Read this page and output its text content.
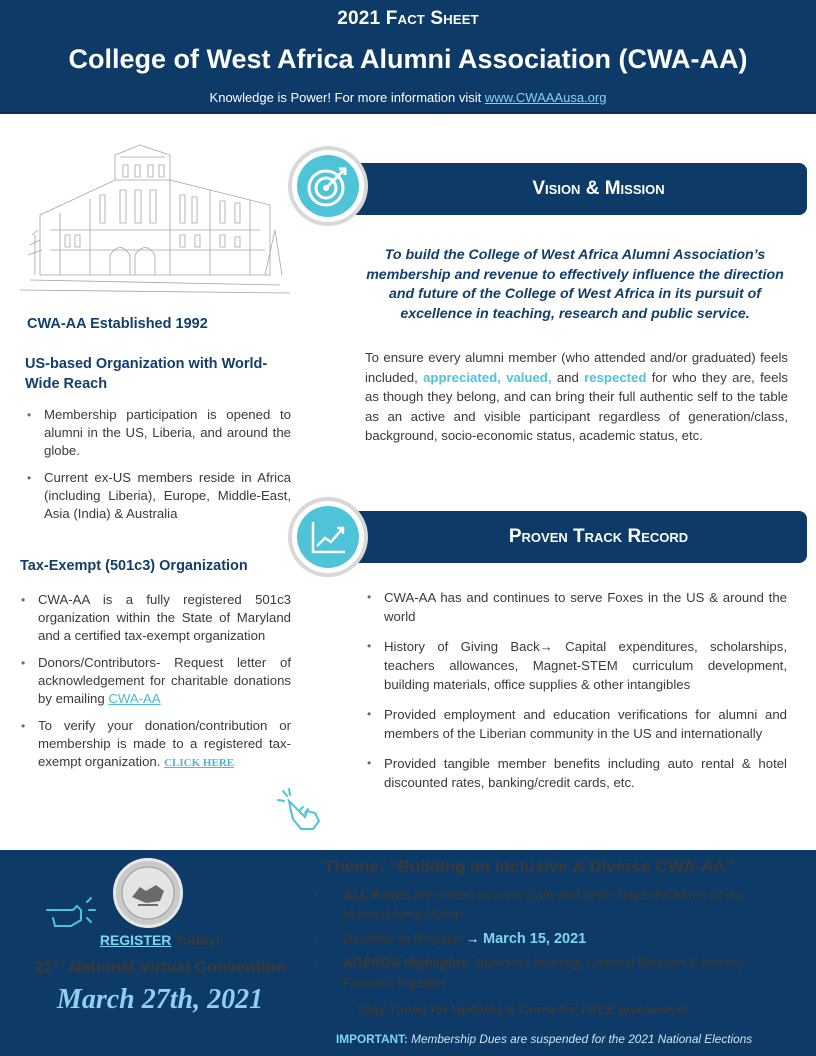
2021 Fact Sheet
College of West Africa Alumni Association (CWA-AA)
Knowledge is Power! For more information visit www.CWAAAusa.org
CWA-AA Established 1992
US-based Organization with World-Wide Reach
• Membership participation is opened to alumni in the US, Liberia, and around the globe.
• Current ex-US members reside in Africa (including Liberia), Europe, Middle-East, Asia (India) & Australia
Tax-Exempt (501c3) Organization
• CWA-AA is a fully registered 501c3 organization within the State of Maryland and a certified tax-exempt organization
• Donors/Contributors- Request letter of acknowledgement for charitable donations by emailing CWA-AA
• To verify your donation/contribution or membership is made to a registered tax-exempt organization. CLICK HERE
Vision & Mission
To build the College of West Africa Alumni Association’s membership and revenue to effectively influence the direction and future of the College of West Africa in its pursuit of excellence in teaching, research and public service.
To ensure every alumni member (who attended and/or graduated) feels included, appreciated, valued, and respected for who they are, feels as though they belong, and can bring their full authentic self to the table as an active and visible participant regardless of generation/class, background, socio-economic status, academic status, etc.
Proven Track Record
• CWA-AA has and continues to serve Foxes in the US & around the world
• History of Giving Back→ Capital expenditures, scholarships, teachers allowances, Magnet-STEM curriculum development, building materials, office supplies & other intangibles
• Provided employment and education verifications for alumni and members of the Liberian community in the US and internationally
• Provided tangible member benefits including auto rental & hotel discounted rates, banking/credit cards, etc.
REGISTER Today!
22nd National Virtual Convention
March 27th, 2021
Theme: “Building an Inclusive & Diverse CWA-AA”
• ALL Foxes are invited to participate and help shape the future of our beloved Alma Mater!
• Deadline to Register → March 15, 2021
• AGENDA Highlights: Business Meeting, General Election & Moving Forward Together
Stay Tuned for Updates & Come for FREE giveaways!
IMPORTANT: Membership Dues are suspended for the 2021 National Elections
